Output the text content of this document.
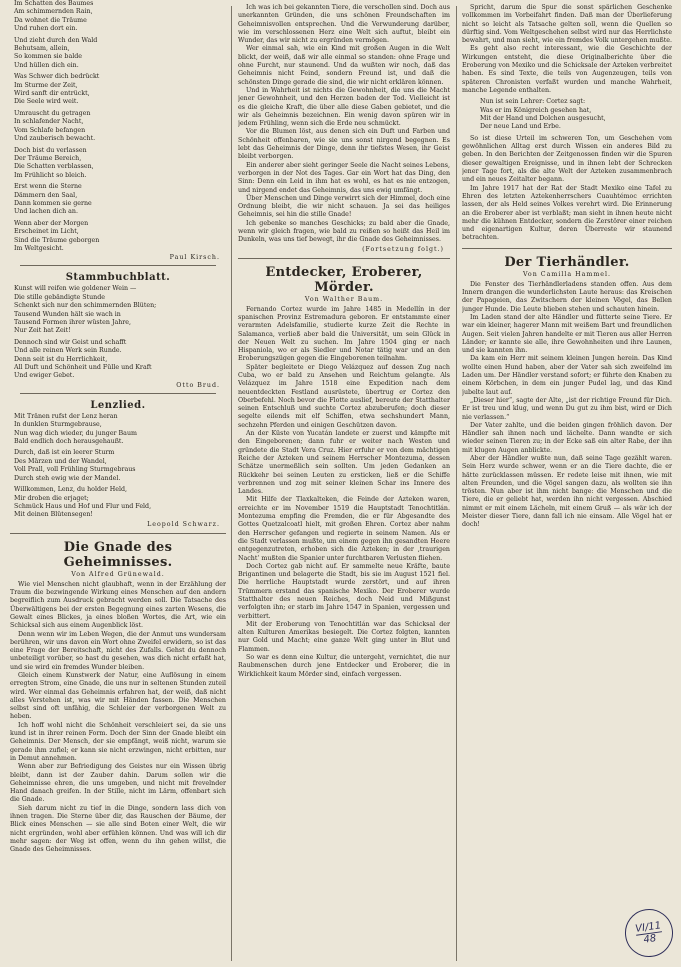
Im Schatten des Baumes
Am schimmernden Rain,
Da wohnet die Träume
Und ruhen dort ein.

Und zieht durch den Wald
Behutsam, allein,
So kommen sie balde
Und hüllen dich ein.

Was Schwer dich bedrückt
Im Sturme der Zeit,
Wird sanft dir entrückt,
Die Seele wird weit.

Umrauscht du getragen
In schlafender Nacht,
Vom Schlafe befangen
Und zauberisch bewacht.

Doch bist du verlassen
Der Träume Bereich,
Die Schatten verblassen,
Im Frühlicht so bleich.

Erst wenn die Sterne
Dämmern den Saal,
Dann kommen sie gerne
Und lachen dich an.

Wenn aber der Morgen
Erscheinet im Licht,
Sind die Träume geborgen
Im Weltgesicht.

Paul Kirsch.
Stammbuchblatt.

Kunst will reifen wie goldener Wein —
Die stille gebändigte Stunde
Schenkt sich nur den schimmernden Blüten;
Tausend Wunden hält sie wach in
Tausend Formen ihrer wüsten Jahre,
Nur Zeit hat Zeit!

Dennoch sind wir Geist und schafft
Und alle reinen Werk sein Runde.
Denn seit ist du Herrlichkeit,
All Duft und Schönheit und Fülle und Kraft
Und ewiger Gebet.

Otto Brud.
Lenzlied.

Mit Tränen rufst der Lenz heran
In dunklen Sturmgebrause,
Nun wag dich wieder, du junger Baum
Bald endlich doch herausgehaußt.

Durch, daß ist ein leerer Sturm
Des Märzen und der Wandel,
Voll Prall, voll Frühling Sturmgebraus
Durch steh ewig wie der Mandel.

Willkommen, Lenz, du holder Held,
Mir droben die erjaget;
Schmück Haus und Hof und Flur und Feld,
Mit deinen Blütensegen!

Leopold Schwarz.
Die Gnade des Geheimnisses.
Von Alfred Grünewald.

Wie viel Menschen nicht glaubhaft, wenn in der Erzählung der Traum die bezwingende Wirkung eines Menschen auf den andern begreiflich zum Ausdruck gebracht werden soll. Die Tatsache des Überwältigens bei der ersten Begegnung eines zarten Wesens, die Gewalt eines Blickes, ja eines bloßen Wortes, die Art, wie ein Schicksal sich aus einem Augenblick löst.

Denn wenn wir im Leben Wegen, die der Anmut uns wundersam berühren, wir uns davon ein Wort ohne Zweifel erwidern, so ist das eine Frage der Bereitschaft, nicht des Zufalls. Gehst du dennoch unbeteiligt vorüber, so hast du gesehen, was dich nicht erfaßt hat, und sie wird ein fremdes Wunder bleiben.

Gleich einem Kunstwerk der Natur, eine Auflösung in einem erregten Strom, eine Gnade, die uns nur in seltenen Stunden zuteil wird. Wer einmal das Geheimnis erfahren hat, der weiß, daß nicht alles Verstehen ist, was wir mit Händen fassen. Die Menschen selbst sind oft unfähig, die Schleier der verborgenen Welt zu heben.

Ich hoff wohl nicht die Schönheit verschleiert sei, da sie uns kund ist in ihrer reinen Form. Doch der Sinn der Gnade bleibt ein Geheimnis. Der Mensch, der sie empfängt, weiß nicht, warum sie gerade ihm zufiel; er kann sie nicht erzwingen, nicht erbitten, nur in Demut annehmen.

Wenn aber zur Befriedigung des Geistes nur ein Wissen übrig bleibt, dann ist der Zauber dahin. Darum sollen wir die Geheimnisse ehren, die uns umgeben, und nicht mit frevelnder Hand danach greifen. In der Stille, nicht im Lärm, offenbart sich die Gnade.

Sieh darum nicht zu tief in die Dinge, sondern lass dich von ihnen tragen. Die Sterne über dir, das Rauschen der Bäume, der Blick eines Menschen — sie alle sind Boten einer Welt, die wir nicht ergründen, wohl aber erfühlen können. Und was will ich dir mehr sagen: der Weg ist offen, wenn du ihn gehen willst, die Gnade des Geheimnisses.

Ich was ich bei gekannten Tiere, die verschollen sind. Doch aus unerkannten Gründen, die uns schönen Freundschaften im Geheimnisvollen entsprechen. Und die Verwunderung darüber, wie im verschlossenen Herz eine Welt sich auftut, bleibt ein Wunder, das wir nicht zu ergründen vermögen.

Wer einmal sah, wie ein Kind mit großen Augen in die Welt blickt, der weiß, daß wir alle einmal so standen: ohne Frage und ohne Furcht, nur staunend. Und da wußten wir noch, daß das Geheimnis nicht Feind, sondern Freund ist, und daß die schönsten Dinge gerade die sind, die wir nicht erklären können.

Und in Wahrheit ist nichts die Gewohnheit, die uns die Macht jener Gewohnheit, und den Herzen baden der Tod. Vielleicht ist es die gleiche Kraft, die über alle diese Gaben gebietet, und die wir als Geheimnis bezeichnen. Ein wenig davon spüren wir in jedem Frühling, wenn sich die Erde neu schmückt.

Vor die Blumen löst, aus denen sich ein Duft und Farben und Schönheit offenbaren, wie sie uns sonst nirgend begegnen. Es lebt das Geheimnis der Dinge, denn ihr tiefstes Wesen, ihr Geist bleibt verborgen.

Ein anderer aber sieht geringer Seele die Nacht seines Lebens, verborgen in der Not des Tages. Gar ein Wort hat das Ding, den Sinn: Denn ein Leid in ihm hat es wohl, es hat es nie entzogen, und nirgend endet das Geheimnis, das uns ewig umfängt.

Über Menschen und Dinge verwirrt sich der Himmel, doch eine Ordnung bleibt, die wir nicht schauen. Ja sei das heiliges Geheimnis, sei hin die stille Gnade!

Ich gebenke so manches Geschicks; zu bald aber die Gnade, wenn wir gleich fragen, wie bald zu reißen so heißt das Heil im Dunkeln, was uns tief bewegt, ihr die Gnade des Geheimnisses.

(Fortsetzung folgt.)
Entdecker, Eroberer, Mörder.
Von Walther Baum.

Fernando Cortez wurde im Jahre 1485 in Medellín in der spanischen Provinz Estremadura geboren. Er entstammte einer verarmten Adelsfamilie, studierte kurze Zeit die Rechte in Salamanca, verließ aber bald die Universität, um sein Glück in der Neuen Welt zu suchen. Im Jahre 1504 ging er nach Hispaniola, wo er als Siedler und Notar tätig war und an den Eroberungszügen gegen die Eingeborenen teilnahm.

Später begleitete er Diego Velázquez auf dessen Zug nach Cuba, wo er bald zu Ansehen und Reichtum gelangte. Als Velázquez im Jahre 1518 eine Expedition nach dem neuentdeckten Festland ausrüstete, übertrug er Cortez den Oberbefehl. Noch bevor die Flotte auslief, bereute der Statthalter seinen Entschluß und suchte Cortez abzuberufen; doch dieser segelte eilends mit elf Schiffen, etwa sechshundert Mann, sechzehn Pferden und einigen Geschützen davon.

An der Küste von Yucatán landete er zuerst und kämpfte mit den Eingeborenen; dann fuhr er weiter nach Westen und gründete die Stadt Vera Cruz. Hier erfuhr er von dem mächtigen Reiche der Azteken und seinem Herrscher Montezuma, dessen Schätze unermeßlich sein sollten. Um jeden Gedanken an Rückkehr bei seinen Leuten zu ersticken, ließ er die Schiffe verbrennen und zog mit seiner kleinen Schar ins Innere des Landes.

Mit Hilfe der Tlaxkalteken, die Feinde der Azteken waren, erreichte er im November 1519 die Hauptstadt Tenochtitlán. Montezuma empfing die Fremden, die er für Abgesandte des Gottes Quetzalcoatl hielt, mit großen Ehren. Cortez aber nahm den Herrscher gefangen und regierte in seinem Namen. Als er die Stadt verlassen mußte, um einem gegen ihn gesandten Heere entgegenzutreten, erhoben sich die Azteken; in der ‚traurigen Nacht‘ mußten die Spanier unter furchtbaren Verlusten fliehen.

Doch Cortez gab nicht auf. Er sammelte neue Kräfte, baute Brigantinen und belagerte die Stadt, bis sie im August 1521 fiel. Die herrliche Hauptstadt wurde zerstört, und auf ihren Trümmern erstand das spanische Mexiko. Der Eroberer wurde Statthalter des neuen Reiches, doch Neid und Mißgunst verfolgten ihn; er starb im Jahre 1547 in Spanien, vergessen und verbittert.

Mit der Eroberung von Tenochtitlán war das Schicksal der alten Kulturen Amerikas besiegelt. Die Cortez folgten, kannten nur Gold und Macht; eine ganze Welt ging unter in Blut und Flammen.

So war es denn eine Kultur, die untergeht, vernichtet, die nur Raubmenschen durch jene Entdecker und Eroberer, die in Wirklichkeit kaum Mörder sind, einfach vergessen.

Spricht, darum die Spur die sonst spärlichen Geschenke vollkommen im Vorbeifahrt finden. Daß man der Überlieferung nicht so leicht als Tatsache gelten soll, wenn die Quellen so dürftig sind. Vom Weltgeschehen selbst wird nur das Herrlichste bewahrt, und man sieht, wie ein fremdes Volk untergehen mußte.

Es geht also recht interessant, wie die Geschichte der Wirkungen entsteht, die diese Originalberichte über die Eroberung von Mexiko und die Schicksale der Azteken verbreitet haben. Es sind Texte, die teils von Augenzeugen, teils von späteren Chronisten verfaßt wurden und manche Wahrheit, manche Legende enthalten.

Nun ist sein Lehrer: Cortez sagt:
Was er im Königreich gesehen hat,
Mit der Hand und Dolchen ausgesucht,
Der neue Land und Erbe.

So ist diese Urteil im schweren Ton, um Geschehen vom gewöhnlichen Alltag erst durch Wissen ein anderes Bild zu geben. In den Berichten der Zeitgenossen finden wir die Spuren dieser gewaltigen Ereignisse, und in ihnen lebt der Schrecken jener Tage fort, als die alte Welt der Azteken zusammenbrach und ein neues Zeitalter begann.

Im Jahre 1917 hat der Rat der Stadt Mexiko eine Tafel zu Ehren des letzten Aztekenherrschers Cuauhtémoc errichten lassen, der als Held seines Volkes verehrt wird. Die Erinnerung an die Eroberer aber ist verblaßt; man sieht in ihnen heute nicht mehr die kühnen Entdecker, sondern die Zerstörer einer reichen und eigenartigen Kultur, deren Überreste wir staunend betrachten.

Der Tierhändler.
Von Camilla Hammel.

Die Fenster des Tierhändlerladens standen offen. Aus dem Innern drangen die wunderlichsten Laute heraus: das Kreischen der Papageien, das Zwitschern der kleinen Vögel, das Bellen junger Hunde. Die Leute blieben stehen und schauten hinein.

Im Laden stand der alte Händler und fütterte seine Tiere. Er war ein kleiner, hagerer Mann mit weißem Bart und freundlichen Augen. Seit vielen Jahren handelte er mit Tieren aus aller Herren Länder; er kannte sie alle, ihre Gewohnheiten und ihre Launen, und sie kannten ihn.

Da kam ein Herr mit seinem kleinen Jungen herein. Das Kind wollte einen Hund haben, aber der Vater sah sich zweifelnd im Laden um. Der Händler verstand sofort; er führte den Knaben zu einem Körbchen, in dem ein junger Pudel lag, und das Kind jubelte laut auf.

„Dieser hier“, sagte der Alte, „ist der richtige Freund für Dich. Er ist treu und klug, und wenn Du gut zu ihm bist, wird er Dich nie verlassen.“

Der Vater zahlte, und die beiden gingen fröhlich davon. Der Händler sah ihnen nach und lächelte. Dann wandte er sich wieder seinen Tieren zu; in der Ecke saß ein alter Rabe, der ihn mit klugen Augen anblickte.

Aber der Händler wußte nun, daß seine Tage gezählt waren. Sein Herz wurde schwer, wenn er an die Tiere dachte, die er hätte zurücklassen müssen. Er redete leise mit ihnen, wie mit alten Freunden, und die Vögel sangen dazu, als wollten sie ihn trösten. Nun aber ist ihm nicht bange: die Menschen und die Tiere, die er geliebt hat, werden ihn nicht vergessen. Abschied nimmt er mit einem Lächeln, mit einem Gruß — als wär ich der Meister dieser Tiere, dann fall ich nie einsam. Alle Vögel hat er doch!

VI/11
48
